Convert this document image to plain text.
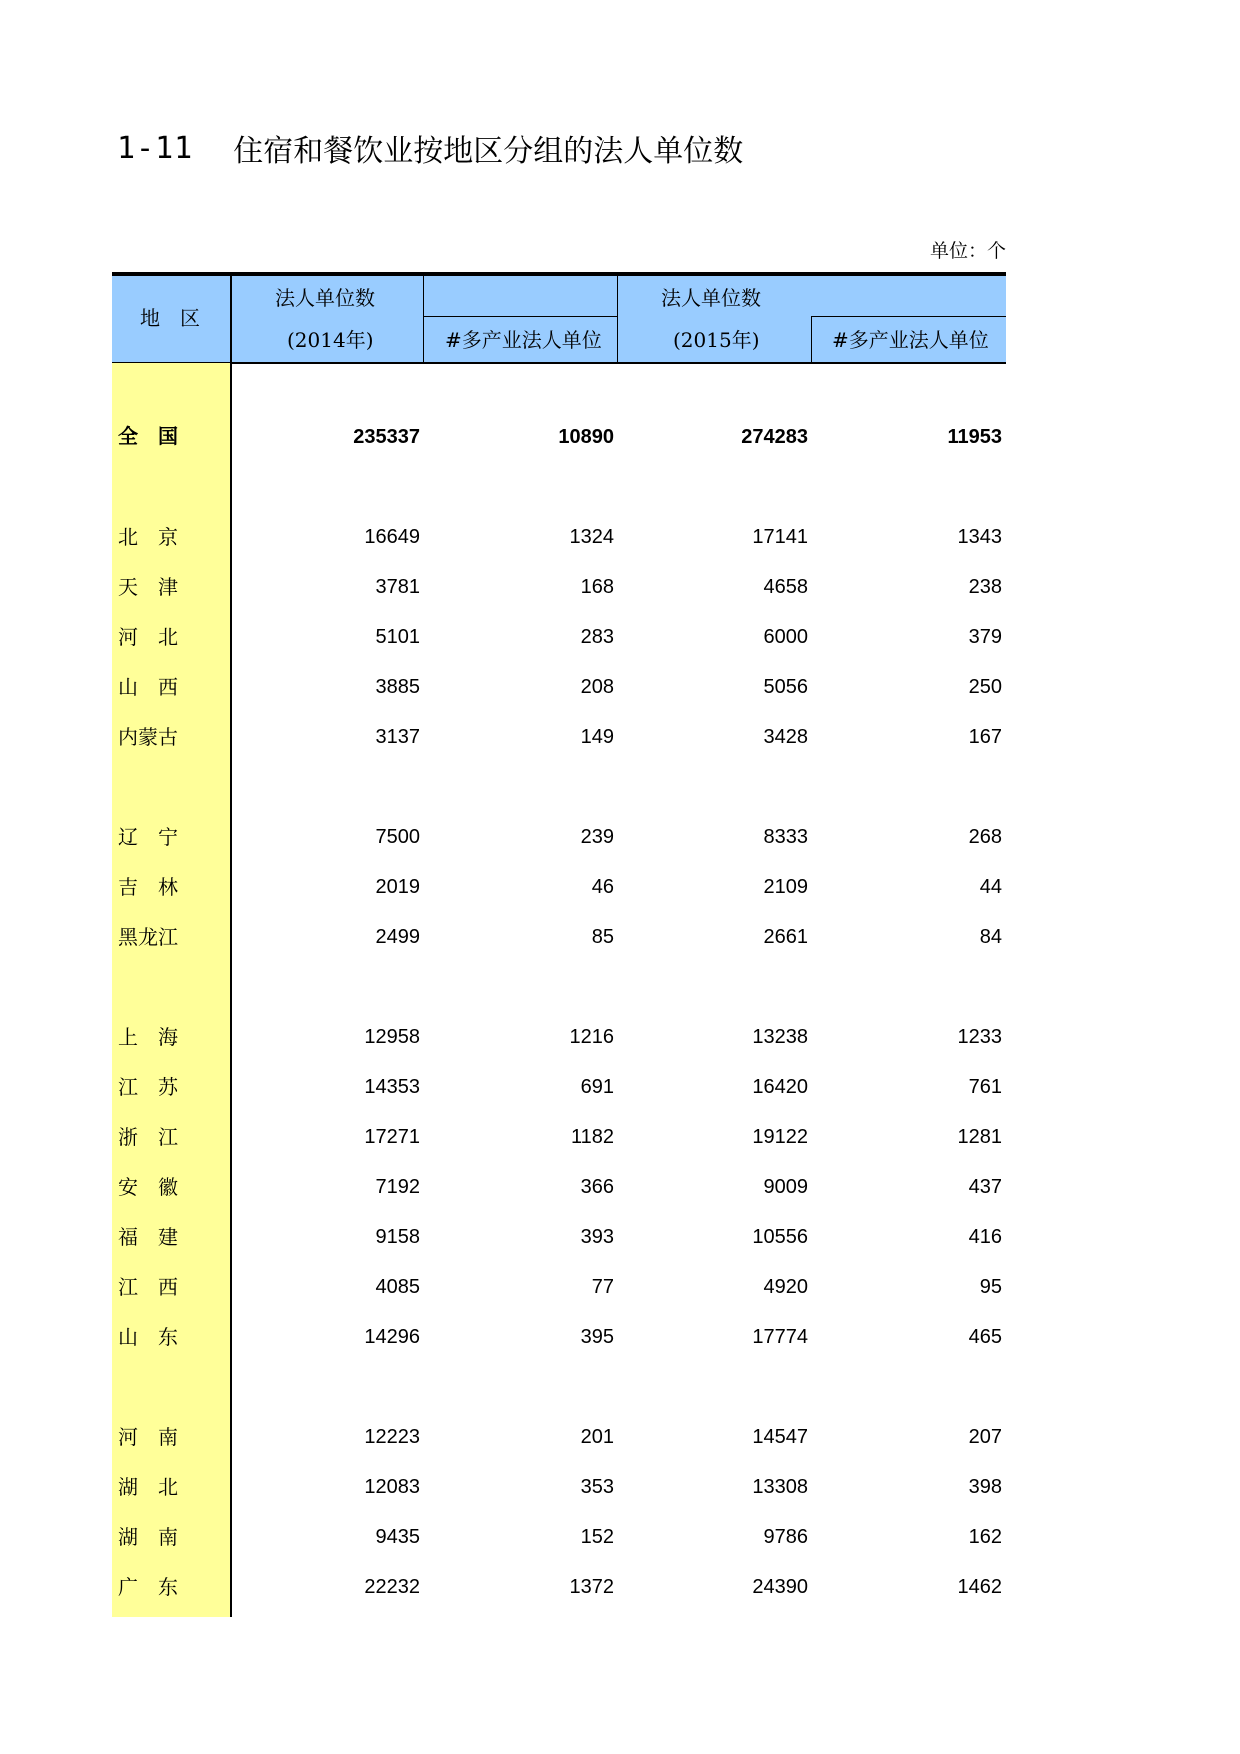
1-11 住宿和餐饮业按地区分组的法人单位数
单位：个
地　区
法人单位数
(2014年)	#多产业法人单位
法人单位数
(2015年)	#多产业法人单位
全　国	235337	10890	274283	11953
北　京	16649	1324	17141	1343
天　津	3781	168	4658	238
河　北	5101	283	6000	379
山　西	3885	208	5056	250
内蒙古	3137	149	3428	167
辽　宁	7500	239	8333	268
吉　林	2019	46	2109	44
黑龙江	2499	85	2661	84
上　海	12958	1216	13238	1233
江　苏	14353	691	16420	761
浙　江	17271	1182	19122	1281
安　徽	7192	366	9009	437
福　建	9158	393	10556	416
江　西	4085	77	4920	95
山　东	14296	395	17774	465
河　南	12223	201	14547	207
湖　北	12083	353	13308	398
湖　南	9435	152	9786	162
广　东	22232	1372	24390	1462
